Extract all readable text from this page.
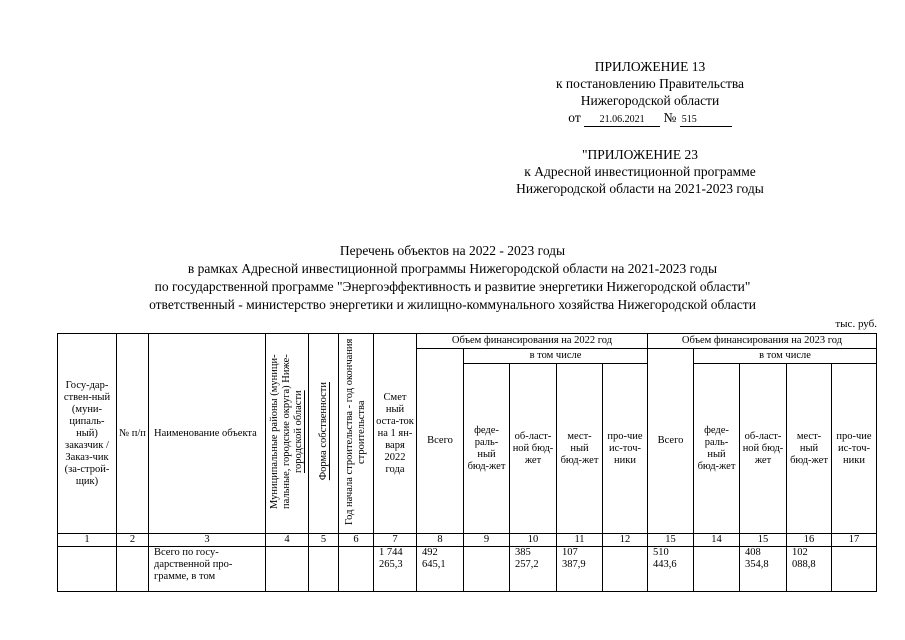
ПРИЛОЖЕНИЕ 13
к постановлению Правительства
Нижегородской области
от 21.06.2021 № 515
"ПРИЛОЖЕНИЕ 23
к Адресной инвестиционной программе
Нижегородской области на 2021-2023 годы
Перечень объектов на 2022 - 2023 годы
в рамках Адресной инвестиционной программы Нижегородской области на 2021-2023 годы
по государственной программе "Энергоэффективность и развитие энергетики Нижегородской области"
ответственный - министерство энергетики и жилищно-коммунального хозяйства Нижегородской области
тыс. руб.
Госу-дар-ствен-ный (муни-ципаль-ный) заказчик / Заказ-чик (за-строй-щик)	№ п/п	Наименование объекта	Муниципальные районы (муници-пальные, городские округа) Ниже- городской области	Форма собственности	Год начала строительства - год окончания строительства	Смет ный оста-ток на 1 ян-варя 2022 года	Объем финансирования на 2022 год					Объем финансирования на 2023 год				
							Всего	в том числе				Всего	в том числе			
								феде-раль-ный бюд-жет	об-ласт-ной бюд-жет	мест-ный бюд-жет	про-чие ис-точ-ники		феде-раль-ный бюд-жет	об-ласт-ной бюд-жет	мест-ный бюд-жет	про-чие ис-точ-ники
1	2	3	4	5	6	7	8	9	10	11	12	15	14	15	16	17
		Всего по госу-дарственной про-грамме, в том				1 744 265,3	492 645,1		385 257,2	107 387,9		510 443,6		408 354,8	102 088,8	
